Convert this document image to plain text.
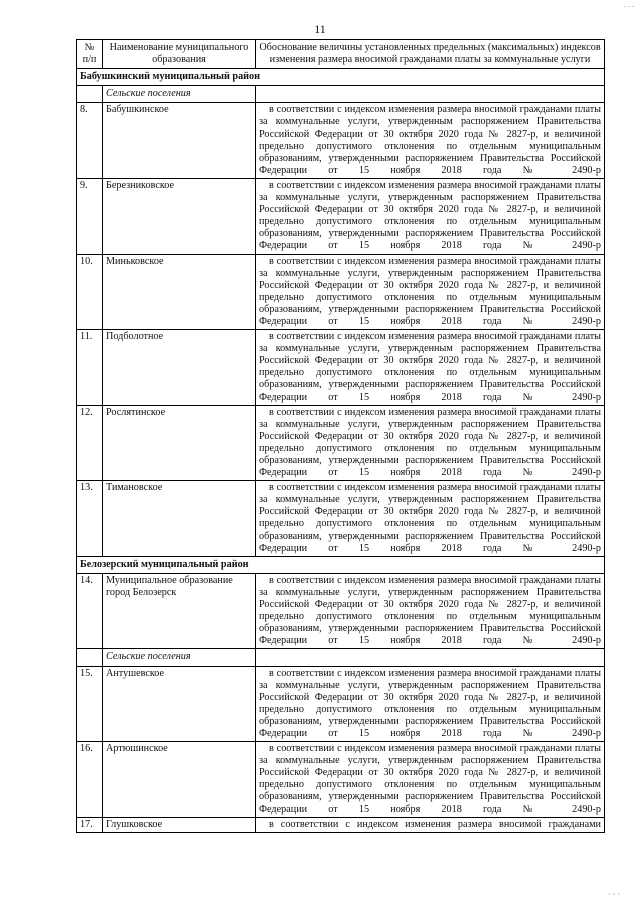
. . .
11
№ п/п	Наименование муниципального образования	Обоснование величины установленных предельных (максимальных) индексов изменения размера вносимой гражданами платы за коммунальные услуги
Бабушкинский муниципальный район		
	Сельские поселения	
8.	Бабушкинское	в соответствии с индексом изменения размера вносимой гражданами платы за коммунальные услуги, утвержденным распоряжением Правительства Российской Федерации от 30 октября 2020 года № 2827-р, и величиной предельно допустимого отклонения по отдельным муниципальным образованиям, утвержденными распоряжением Правительства Российской Федерации от 15 ноября 2018 года № 2490-р
9.	Березниковское	в соответствии с индексом изменения размера вносимой гражданами платы за коммунальные услуги, утвержденным распоряжением Правительства Российской Федерации от 30 октября 2020 года № 2827-р, и величиной предельно допустимого отклонения по отдельным муниципальным образованиям, утвержденными распоряжением Правительства Российской Федерации от 15 ноября 2018 года № 2490-р
10.	Миньковское	в соответствии с индексом изменения размера вносимой гражданами платы за коммунальные услуги, утвержденным распоряжением Правительства Российской Федерации от 30 октября 2020 года № 2827-р, и величиной предельно допустимого отклонения по отдельным муниципальным образованиям, утвержденными распоряжением Правительства Российской Федерации от 15 ноября 2018 года № 2490-р
11.	Подболотное	в соответствии с индексом изменения размера вносимой гражданами платы за коммунальные услуги, утвержденным распоряжением Правительства Российской Федерации от 30 октября 2020 года № 2827-р, и величиной предельно допустимого отклонения по отдельным муниципальным образованиям, утвержденными распоряжением Правительства Российской Федерации от 15 ноября 2018 года № 2490-р
12.	Рослятинское	в соответствии с индексом изменения размера вносимой гражданами платы за коммунальные услуги, утвержденным распоряжением Правительства Российской Федерации от 30 октября 2020 года № 2827-р, и величиной предельно допустимого отклонения по отдельным муниципальным образованиям, утвержденными распоряжением Правительства Российской Федерации от 15 ноября 2018 года № 2490-р
13.	Тимановское	в соответствии с индексом изменения размера вносимой гражданами платы за коммунальные услуги, утвержденным распоряжением Правительства Российской Федерации от 30 октября 2020 года № 2827-р, и величиной предельно допустимого отклонения по отдельным муниципальным образованиям, утвержденными распоряжением Правительства Российской Федерации от 15 ноября 2018 года № 2490-р
Белозерский муниципальный район		
14.	Муниципальное образование город Белозерск	в соответствии с индексом изменения размера вносимой гражданами платы за коммунальные услуги, утвержденным распоряжением Правительства Российской Федерации от 30 октября 2020 года № 2827-р, и величиной предельно допустимого отклонения по отдельным муниципальным образованиям, утвержденными распоряжением Правительства Российской Федерации от 15 ноября 2018 года № 2490-р
	Сельские поселения	
15.	Антушевское	в соответствии с индексом изменения размера вносимой гражданами платы за коммунальные услуги, утвержденным распоряжением Правительства Российской Федерации от 30 октября 2020 года № 2827-р, и величиной предельно допустимого отклонения по отдельным муниципальным образованиям, утвержденными распоряжением Правительства Российской Федерации от 15 ноября 2018 года № 2490-р
16.	Артюшинское	в соответствии с индексом изменения размера вносимой гражданами платы за коммунальные услуги, утвержденным распоряжением Правительства Российской Федерации от 30 октября 2020 года № 2827-р, и величиной предельно допустимого отклонения по отдельным муниципальным образованиям, утвержденными распоряжением Правительства Российской Федерации от 15 ноября 2018 года № 2490-р
17.	Глушковское	в соответствии с индексом изменения размера вносимой гражданами
· · ·
